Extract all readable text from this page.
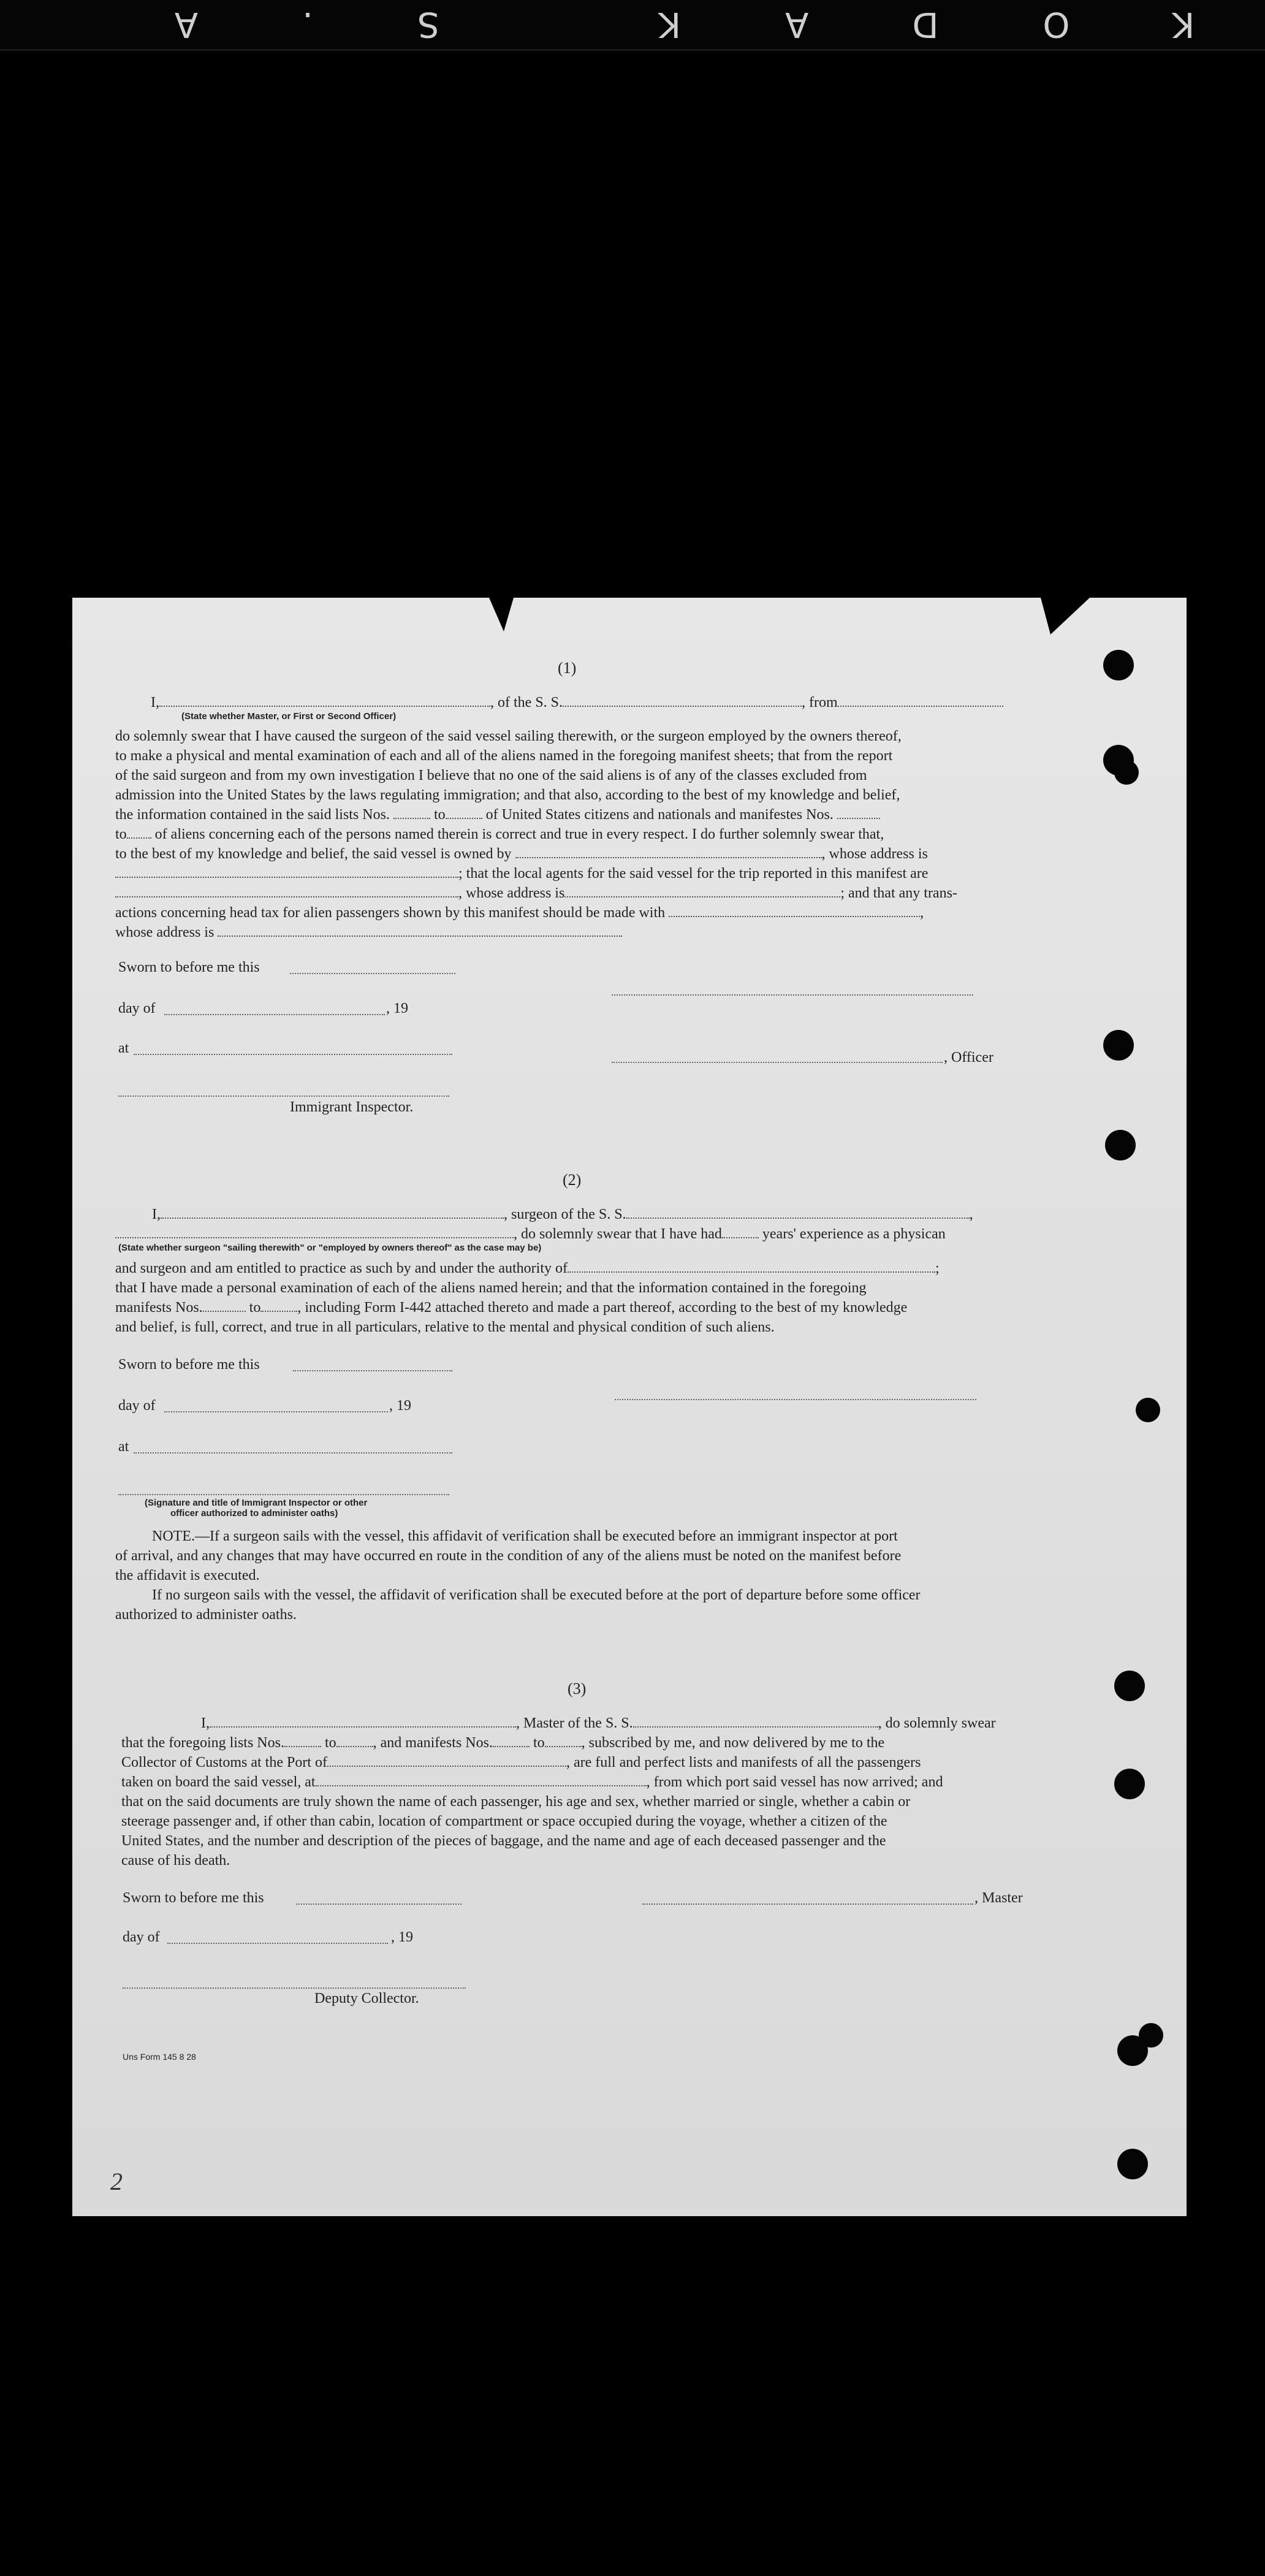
KODAK S.A
(1)
I,	, of the S. S.	, from
(State whether Master, or First or Second Officer)
do solemnly swear that I have caused the surgeon of the said vessel sailing therewith, or the surgeon employed by the owners thereof,
to make a physical and mental examination of each and all of the aliens named in the foregoing manifest sheets; that from the report
of the said surgeon and from my own investigation I believe that no one of the said aliens is of any of the classes excluded from
admission into the United States by the laws regulating immigration; and that also, according to the best of my knowledge and belief,
the information contained in the said lists Nos.	to	of United States citizens and nationals and manifestes Nos.
to of aliens concerning each of the persons named therein is correct and true in every respect. I do further solemnly swear that,
to the best of my knowledge and belief, the said vessel is owned by	, whose address is
; that the local agents for the said vessel for the trip reported in this manifest are
, whose address is	; and that any trans-
actions concerning head tax for alien passengers shown by this manifest should be made with	,
whose address is
Sworn to before me this
day of	, 19
at
, Officer
Immigrant Inspector.
(2)
I,	, surgeon of the S. S.	,
, do solemnly swear that I have had	years' experience as a physican
(State whether surgeon "sailing therewith" or "employed by owners thereof" as the case may be)
and surgeon and am entitled to practice as such by and under the authority of	;
that I have made a personal examination of each of the aliens named herein; and that the information contained in the foregoing
manifests Nos.	to	, including Form I-442 attached thereto and made a part thereof, according to the best of my knowledge
and belief, is full, correct, and true in all particulars, relative to the mental and physical condition of such aliens.
Sworn to before me this
day of	, 19
at
(Signature and title of Immigrant Inspector or other
officer authorized to administer oaths)
NOTE.—If a surgeon sails with the vessel, this affidavit of verification shall be executed before an immigrant inspector at port
of arrival, and any changes that may have occurred en route in the condition of any of the aliens must be noted on the manifest before
the affidavit is executed.
If no surgeon sails with the vessel, the affidavit of verification shall be executed before at the port of departure before some officer
authorized to administer oaths.
(3)
I,	, Master of the S. S.	, do solemnly swear
that the foregoing lists Nos.	to	, and manifests Nos.	to	, subscribed by me, and now delivered by me to the
Collector of Customs at the Port of	, are full and perfect lists and manifests of all the passengers
taken on board the said vessel, at	, from which port said vessel has now arrived; and
that on the said documents are truly shown the name of each passenger, his age and sex, whether married or single, whether a cabin or
steerage passenger and, if other than cabin, location of compartment or space occupied during the voyage, whether a citizen of the
United States, and the number and description of the pieces of baggage, and the name and age of each deceased passenger and the
cause of his death.
Sworn to before me this	, Master
day of	, 19
Deputy Collector.
Uns Form 145 8 28
2
